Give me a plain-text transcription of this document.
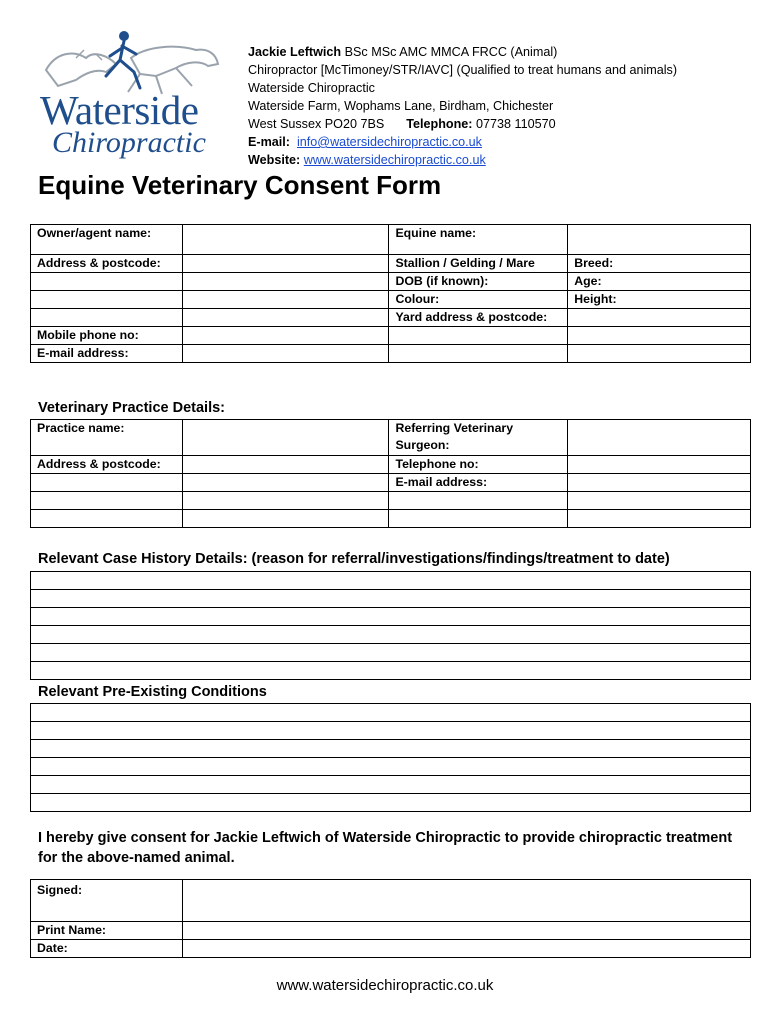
Waterside
Chiropractic
Jackie Leftwich BSc MSc AMC MMCA FRCC (Animal)
Chiropractor [McTimoney/STR/IAVC] (Qualified to treat humans and animals)
Waterside Chiropractic
Waterside Farm, Wophams Lane, Birdham, Chichester
West Sussex PO20 7BS Telephone: 07738 110570
E-mail: info@watersidechiropractic.co.uk
Website: www.watersidechiropractic.co.uk
Equine Veterinary Consent Form
Owner/agent name:		Equine name:	
Address & postcode:		Stallion / Gelding / Mare	Breed:
		DOB (if known):	Age:
		Colour:	Height:
		Yard address & postcode:	
Mobile phone no:			
E-mail address:			
Veterinary Practice Details:
Practice name:		Referring Veterinary
Surgeon:	
Address & postcode:		Telephone no:	
		E-mail address:	

Relevant Case History Details: (reason for referral/investigations/findings/treatment to date)

Relevant Pre-Existing Conditions

I hereby give consent for Jackie Leftwich of Waterside Chiropractic to provide chiropractic treatment for the above-named animal.
Signed:	
Print Name:	
Date:	
www.watersidechiropractic.co.uk
